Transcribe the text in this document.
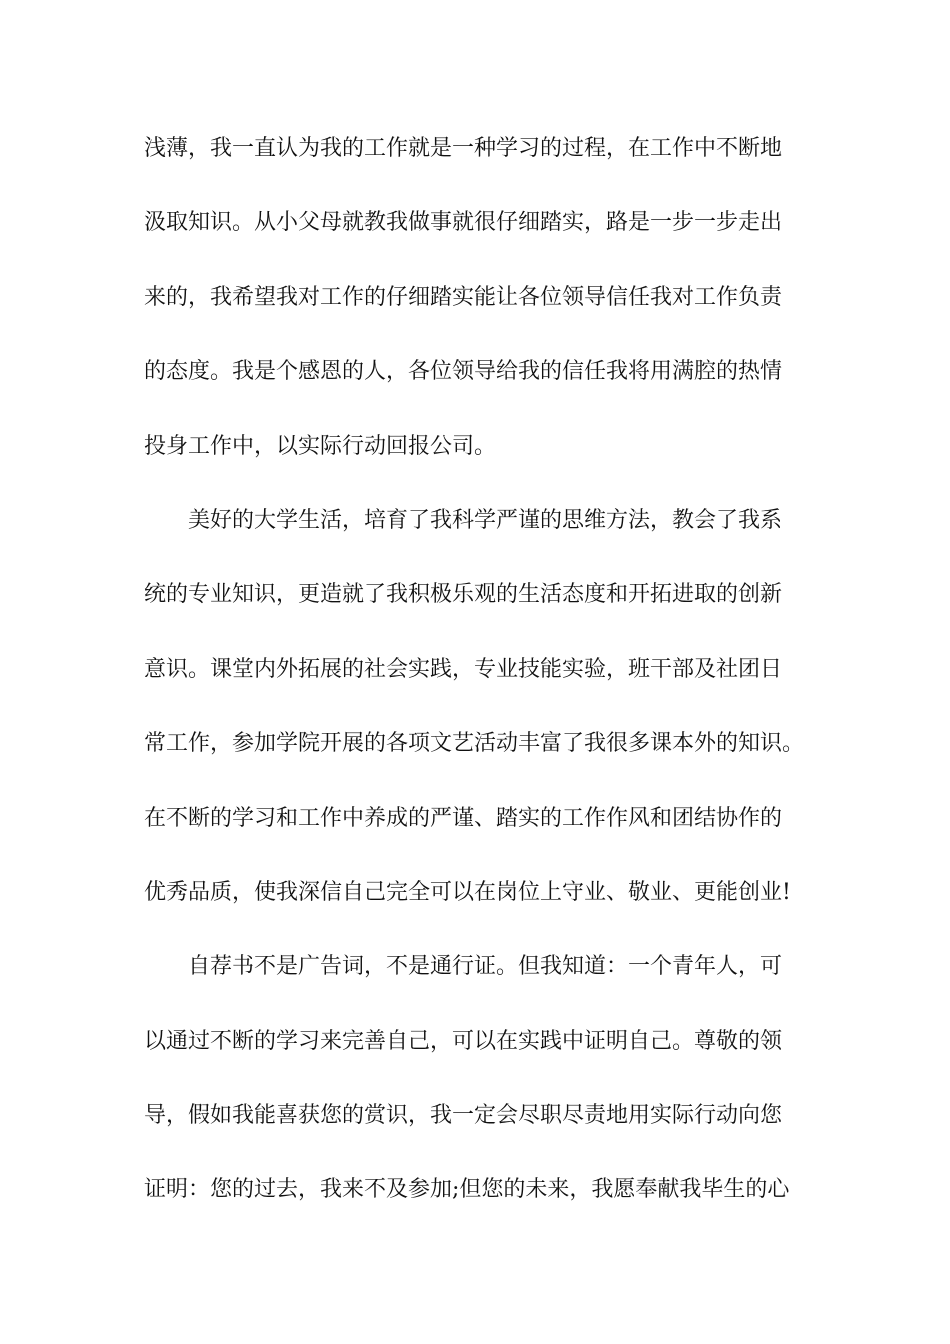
浅薄，我一直认为我的工作就是一种学习的过程，在工作中不断地
汲取知识。从小父母就教我做事就很仔细踏实，路是一步一步走出
来的，我希望我对工作的仔细踏实能让各位领导信任我对工作负责
的态度。我是个感恩的人，各位领导给我的信任我将用满腔的热情
投身工作中，以实际行动回报公司。
美好的大学生活，培育了我科学严谨的思维方法，教会了我系
统的专业知识，更造就了我积极乐观的生活态度和开拓进取的创新
意识。课堂内外拓展的社会实践，专业技能实验，班干部及社团日
常工作，参加学院开展的各项文艺活动丰富了我很多课本外的知识。
在不断的学习和工作中养成的严谨、踏实的工作作风和团结协作的
优秀品质，使我深信自己完全可以在岗位上守业、敬业、更能创业!
自荐书不是广告词，不是通行证。但我知道：一个青年人，可
以通过不断的学习来完善自己，可以在实践中证明自己。尊敬的领
导，假如我能喜获您的赏识，我一定会尽职尽责地用实际行动向您
证明：您的过去，我来不及参加;但您的未来，我愿奉献我毕生的心
